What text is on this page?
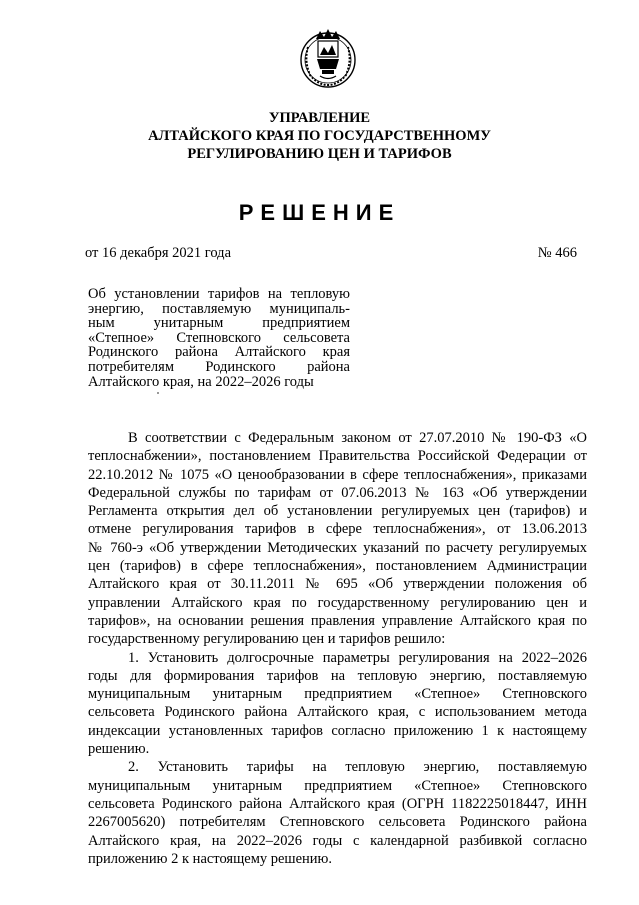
УПРАВЛЕНИЕ
АЛТАЙСКОГО КРАЯ ПО ГОСУДАРСТВЕННОМУ
РЕГУЛИРОВАНИЮ ЦЕН И ТАРИФОВ
РЕШЕНИЕ
от 16 декабря 2021 года	№ 466
Об установлении тарифов на тепловую
энергию, поставляемую муниципаль-
ным унитарным предприятием
«Степное» Степновского сельсовета
Родинского района Алтайского края
потребителям Родинского района
Алтайского края, на 2022–2026 годы
В соответствии с Федеральным законом от 27.07.2010 № 190-ФЗ «О
теплоснабжении», постановлением Правительства Российской Федерации от
22.10.2012 № 1075 «О ценообразовании в сфере теплоснабжения», приказами
Федеральной службы по тарифам от 07.06.2013 № 163 «Об утверждении
Регламента открытия дел об установлении регулируемых цен (тарифов) и
отмене регулирования тарифов в сфере теплоснабжения», от 13.06.2013
№ 760-э «Об утверждении Методических указаний по расчету регулируемых
цен (тарифов) в сфере теплоснабжения», постановлением Администрации
Алтайского края от 30.11.2011 № 695 «Об утверждении положения об
управлении Алтайского края по государственному регулированию цен и
тарифов», на основании решения правления управление Алтайского края по
государственному регулированию цен и тарифов решило:
1. Установить долгосрочные параметры регулирования на 2022–2026
годы для формирования тарифов на тепловую энергию, поставляемую
муниципальным унитарным предприятием «Степное» Степновского
сельсовета Родинского района Алтайского края, с использованием метода
индексации установленных тарифов согласно приложению 1 к настоящему
решению.
2. Установить тарифы на тепловую энергию, поставляемую
муниципальным унитарным предприятием «Степное» Степновского
сельсовета Родинского района Алтайского края (ОГРН 1182225018447, ИНН
2267005620) потребителям Степновского сельсовета Родинского района
Алтайского края, на 2022–2026 годы с календарной разбивкой согласно
приложению 2 к настоящему решению.
